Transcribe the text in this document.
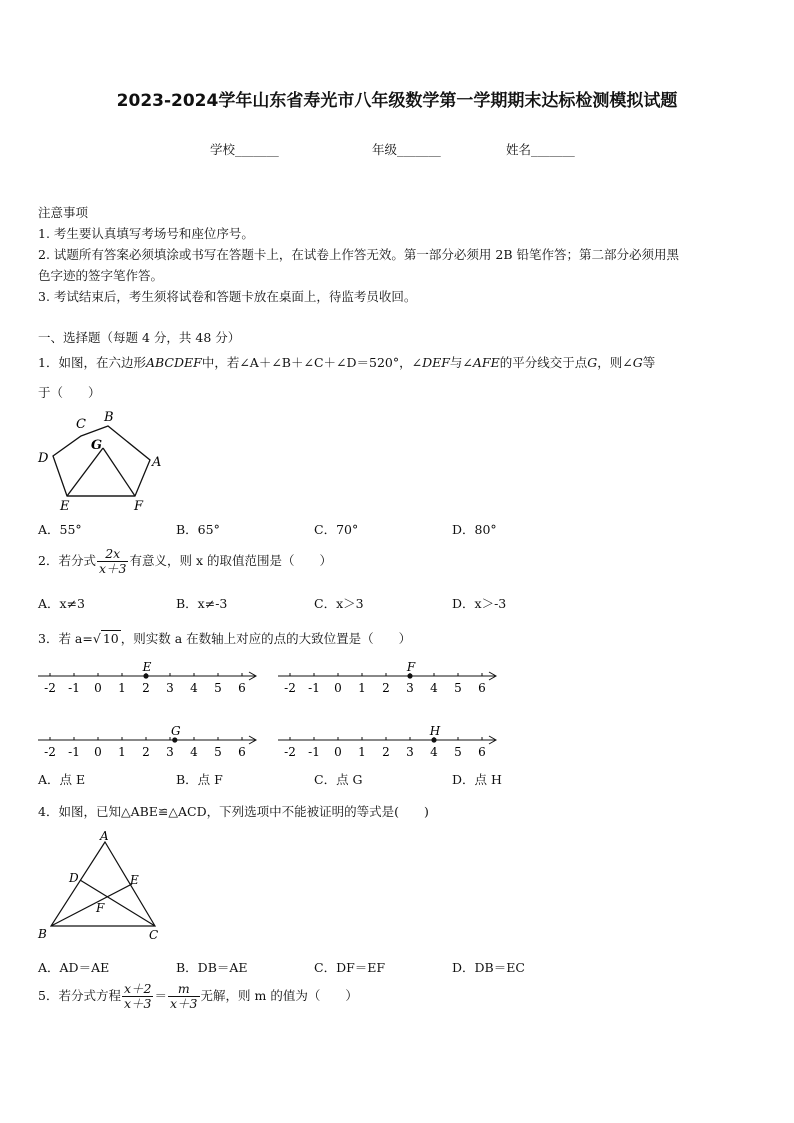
2023-2024学年山东省寿光市八年级数学第一学期期末达标检测模拟试题
学校_______	年级_______	姓名_______
注意事项
1. 考生要认真填写考场号和座位序号。
2. 试题所有答案必须填涂或书写在答题卡上，在试卷上作答无效。第一部分必须用 2B 铅笔作答；第二部分必须用黑
色字迹的签字笔作答。
3. 考试结束后，考生须将试卷和答题卡放在桌面上，待监考员收回。
一、选择题（每题 4 分，共 48 分）
1．如图，在六边形ABCDEF中，若∠A＋∠B＋∠C＋∠D＝520°，∠DEF与∠AFE的平分线交于点G，则∠G等
于（　　）
B
C
G
D	A
E	F
A．55°	B．65°	C．70°	D．80°
2．若分式 $\frac{2x}{x+3}$ 有意义，则 x 的取值范围是（　　）
A．x≠3	B．x≠-3	C．x＞3	D．x＞-3
3．若 a=√ 10 ，则实数 a 在数轴上对应的点的大致位置是（　　）
-2 -1 0 1 2 3 4 5 6
E
-2 -1 0 1 2 3 4 5 6
F
-2 -1 0 1 2 3 4 5 6
G
-2 -1 0 1 2 3 4 5 6
H
A．点 E	B．点 F	C．点 G	D．点 H
4．如图，已知△ABE≌△ACD，下列选项中不能被证明的等式是(　　)
A
D	E
F
B	C
A．AD＝AE	B．DB＝AE	C．DF＝EF	D．DB＝EC
5．若分式方程 $\frac{x+2}{x+3} = \frac{m}{x+3}$ 无解，则 m 的值为（　　）
